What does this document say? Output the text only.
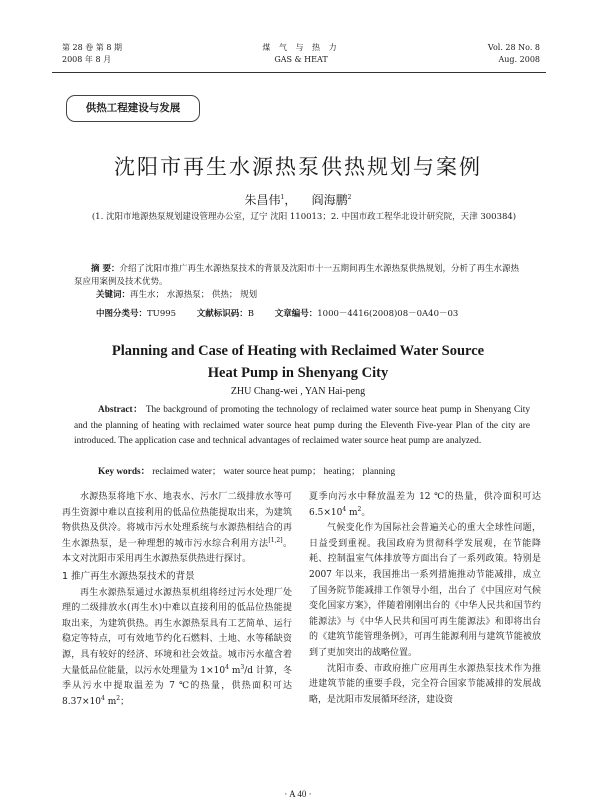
第 28 卷 第 8 期
2008 年 8 月
煤 气 与 热 力
GAS & HEAT
Vol. 28 No. 8
Aug. 2008
供热工程建设与发展
沈阳市再生水源热泵供热规划与案例
朱昌伟$^1$，    阎海鹏$^2$
(1. 沈阳市地源热泵规划建设管理办公室，辽宁 沈阳 110013；2. 中国市政工程华北设计研究院，天津 300384)

摘 要：介绍了沈阳市推广再生水源热泵技术的背景及沈阳市十一五期间再生水源热泵供热规划，分析了再生水源热泵应用案例及技术优势。

关键词：再生水； 水源热泵； 供热； 规划

中图分类号：TU995 文献标识码：B 文章编号：1000－4416(2008)08－0A40－03
Planning and Case of Heating with Reclaimed Water Source
Heat Pump in Shenyang City
ZHU Chang-wei , YAN Hai-peng
Abstract： The background of promoting the technology of reclaimed water source heat pump in Shenyang City and the planning of heating with reclaimed water source heat pump during the Eleventh Five-year Plan of the city are introduced. The application case and technical advantages of reclaimed water source heat pump are analyzed.
Key words： reclaimed water； water source heat pump； heating； planning

水源热泵将地下水、地表水、污水厂二级排放水等可再生资源中难以直接利用的低品位热能提取出来，为建筑物供热及供冷。将城市污水处理系统与水源热相结合的再生水源热泵，是一种理想的城市污水综合利用方法[1,2]。本文对沈阳市采用再生水源热泵供热进行探讨。

1 推广再生水源热泵技术的背景

再生水源热泵通过水源热泵机组将经过污水处理厂处理的二级排放水(再生水)中难以直接利用的低品位热能提取出来，为建筑供热。再生水源热泵具有工艺简单、运行稳定等特点，可有效地节约化石燃料、土地、水等稀缺资源，具有较好的经济、环境和社会效益。城市污水蕴含着大量低品位能量，以污水处理量为 $1\times 10^4$ $m^3/d$ 计算，冬季从污水中提取温差为 7 ℃的热量，供热面积可达 $8.37\times 10^4$ $m^2$；

夏季向污水中释放温差为 12 ℃的热量，供冷面积可达 $6.5\times 10^4$ $m^2$。

气候变化作为国际社会普遍关心的重大全球性问题，日益受到重视。我国政府为贯彻科学发展观，在节能降耗、控制温室气体排放等方面出台了一系列政策。特别是 2007 年以来，我国推出一系列措施推动节能减排，成立了国务院节能减排工作领导小组，出台了《中国应对气候变化国家方案》，伴随着刚刚出台的《中华人民共和国节约能源法》与《中华人民共和国可再生能源法》和即将出台的《建筑节能管理条例》，可再生能源利用与建筑节能被放到了更加突出的战略位置。

沈阳市委、市政府推广应用再生水源热泵技术作为推进建筑节能的重要手段，完全符合国家节能减排的发展战略，是沈阳市发展循环经济，建设资

· A 40 ·
